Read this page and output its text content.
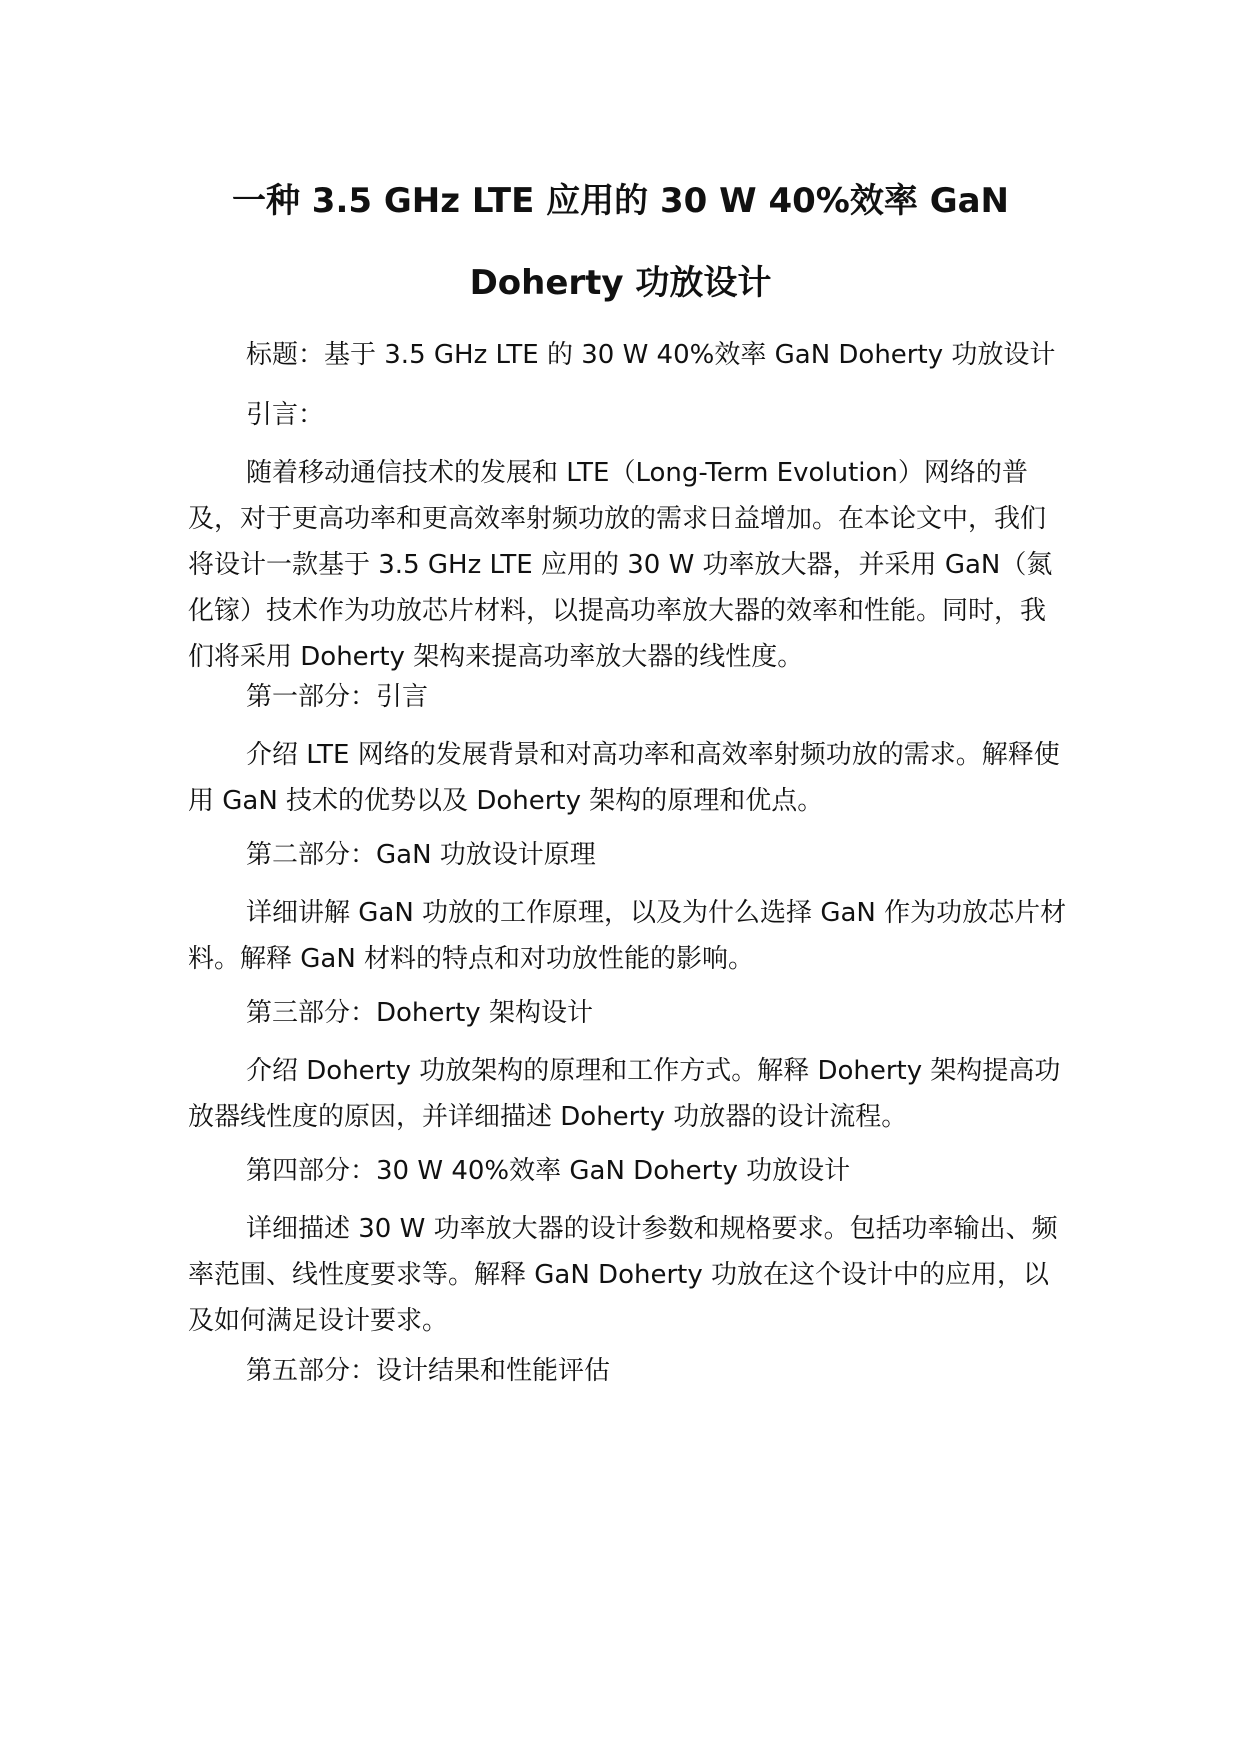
一种 3.5 GHz LTE 应用的 30 W 40%效率 GaN
Doherty 功放设计

标题：基于 3.5 GHz LTE 的 30 W 40%效率 GaN Doherty 功放设计

引言：

随着移动通信技术的发展和 LTE（Long-Term Evolution）网络的普及，对于更高功率和更高效率射频功放的需求日益增加。在本论文中，我们将设计一款基于 3.5 GHz LTE 应用的 30 W 功率放大器，并采用 GaN（氮化镓）技术作为功放芯片材料，以提高功率放大器的效率和性能。同时，我们将采用 Doherty 架构来提高功率放大器的线性度。

第一部分：引言

介绍 LTE 网络的发展背景和对高功率和高效率射频功放的需求。解释使用 GaN 技术的优势以及 Doherty 架构的原理和优点。

第二部分：GaN 功放设计原理

详细讲解 GaN 功放的工作原理，以及为什么选择 GaN 作为功放芯片材料。解释 GaN 材料的特点和对功放性能的影响。

第三部分：Doherty 架构设计

介绍 Doherty 功放架构的原理和工作方式。解释 Doherty 架构提高功放器线性度的原因，并详细描述 Doherty 功放器的设计流程。

第四部分：30 W 40%效率 GaN Doherty 功放设计

详细描述 30 W 功率放大器的设计参数和规格要求。包括功率输出、频率范围、线性度要求等。解释 GaN Doherty 功放在这个设计中的应用，以及如何满足设计要求。

第五部分：设计结果和性能评估
